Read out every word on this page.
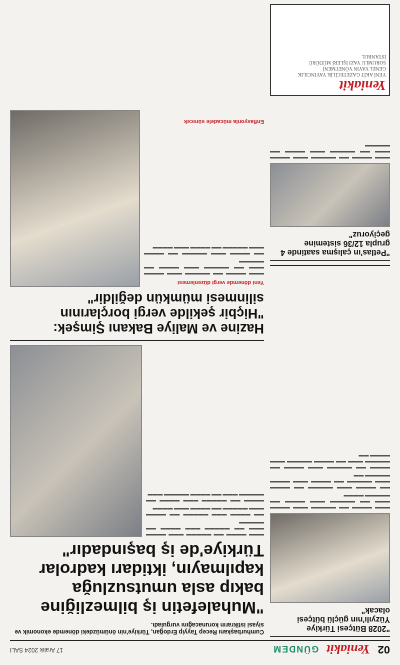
02
Yeniakit
GÜNDEM
17 Aralık 2024 SALI
"2028 Bütçesi Türkiye Yüzyılı'nın güçlü bütçesi olacak"

▬▬▬ ▬▬▬▬ ▬▬ ▬▬▬▬▬ ▬▬▬ ▬▬▬▬ ▬▬▬ ▬▬ ▬▬▬▬▬ ▬▬▬ ▬▬▬▬ ▬▬ ▬▬▬▬▬ ▬▬▬▬

▬▬ ▬▬▬▬ ▬▬▬ ▬▬▬▬▬ ▬▬ ▬▬▬▬ ▬▬▬ ▬▬▬▬▬ ▬▬ ▬▬▬▬ ▬▬▬ ▬▬▬▬ ▬▬▬▬▬ ▬▬

▬▬▬▬ ▬▬ ▬▬▬▬▬ ▬▬▬ ▬▬▬▬ ▬▬ ▬▬▬▬▬ ▬▬▬ ▬▬ ▬▬▬▬ ▬▬▬▬▬ ▬▬▬ ▬▬▬▬ ▬▬

"Petlas'ın çalışma saatinde 4 grupla 12/36 sistemine geçiyoruz"

▬▬▬ ▬▬▬▬ ▬▬ ▬▬▬▬▬ ▬▬▬ ▬▬▬▬ ▬▬▬ ▬▬ ▬▬▬▬▬ ▬▬▬ ▬▬▬▬ ▬▬ ▬▬▬▬▬

Yeniakit
YENİ AKİT GAZETECİLİK YAYINCILIK
GENEL YAYIN YÖNETMENİ
SORUMLU YAZI İŞLERİ MÜDÜRÜ
İSTANBUL
Cumhurbaşkanı Recep Tayyip Erdoğan, Türkiye'nin önümüzdeki dönemde ekonomik ve siyasi istikrarın korunacağını vurguladı.
"Muhalefetin iş bilmezliğine bakıp asla umutsuzluğa kapılmayın, iktidarı kadrolar Türkiye'de iş başındadır"

▬▬▬ ▬▬▬▬ ▬▬ ▬▬▬▬▬ ▬▬▬ ▬▬▬▬ ▬▬▬ ▬▬ ▬▬▬▬▬ ▬▬▬ ▬▬▬▬ ▬▬ ▬▬▬▬▬

▬▬ ▬▬▬▬ ▬▬▬ ▬▬▬▬▬ ▬▬ ▬▬▬▬ ▬▬▬ ▬▬▬▬▬ ▬▬ ▬▬▬▬ ▬▬▬ ▬▬▬▬

▬▬▬▬ ▬▬ ▬▬▬▬▬ ▬▬▬ ▬▬▬▬ ▬▬ ▬▬▬▬▬ ▬▬▬ ▬▬ ▬▬▬▬ ▬▬▬▬▬ ▬▬▬

Hazine ve Maliye Bakanı Şimşek: "Hiçbir şekilde vergi borçlarının silinmesi mümkün değildir"
Yeni dönemde vergi düzenlemesi

▬▬▬ ▬▬▬▬ ▬▬ ▬▬▬▬▬ ▬▬▬ ▬▬▬▬ ▬▬▬ ▬▬ ▬▬▬▬▬ ▬▬▬ ▬▬▬▬ ▬▬ ▬▬▬▬▬

▬▬ ▬▬▬▬ ▬▬▬ ▬▬▬▬▬ ▬▬ ▬▬▬▬ ▬▬▬ ▬▬▬▬▬ ▬▬ ▬▬▬▬ ▬▬▬ ▬▬▬▬

Enflasyonla mücadele sürecek
